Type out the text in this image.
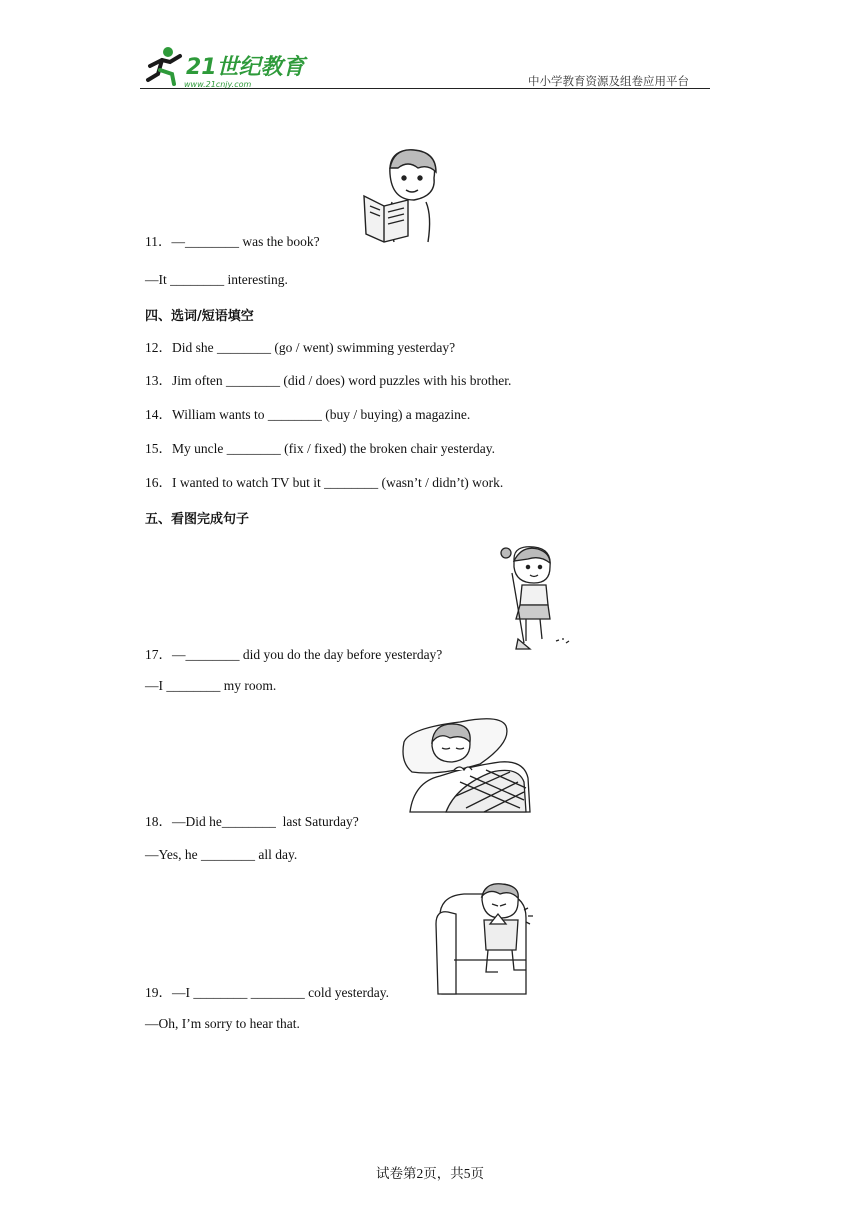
21世纪教育
www.21cnjy.com	中小学教育资源及组卷应用平台
11．—________ was the book?
—It ________ interesting.
四、选词/短语填空
12．Did she ________ (go / went) swimming yesterday?
13．Jim often ________ (did / does) word puzzles with his brother.
14．William wants to ________ (buy / buying) a magazine.
15．My uncle ________ (fix / fixed) the broken chair yesterday.
16．I wanted to watch TV but it ________ (wasn’t / didn’t) work.
五、看图完成句子
17．—________ did you do the day before yesterday?
—I ________ my room.
18．—Did he________  last Saturday?
—Yes, he ________ all day.
19．—I ________ ________ cold yesterday.
—Oh, I’m sorry to hear that.
试卷第2页，共5页
